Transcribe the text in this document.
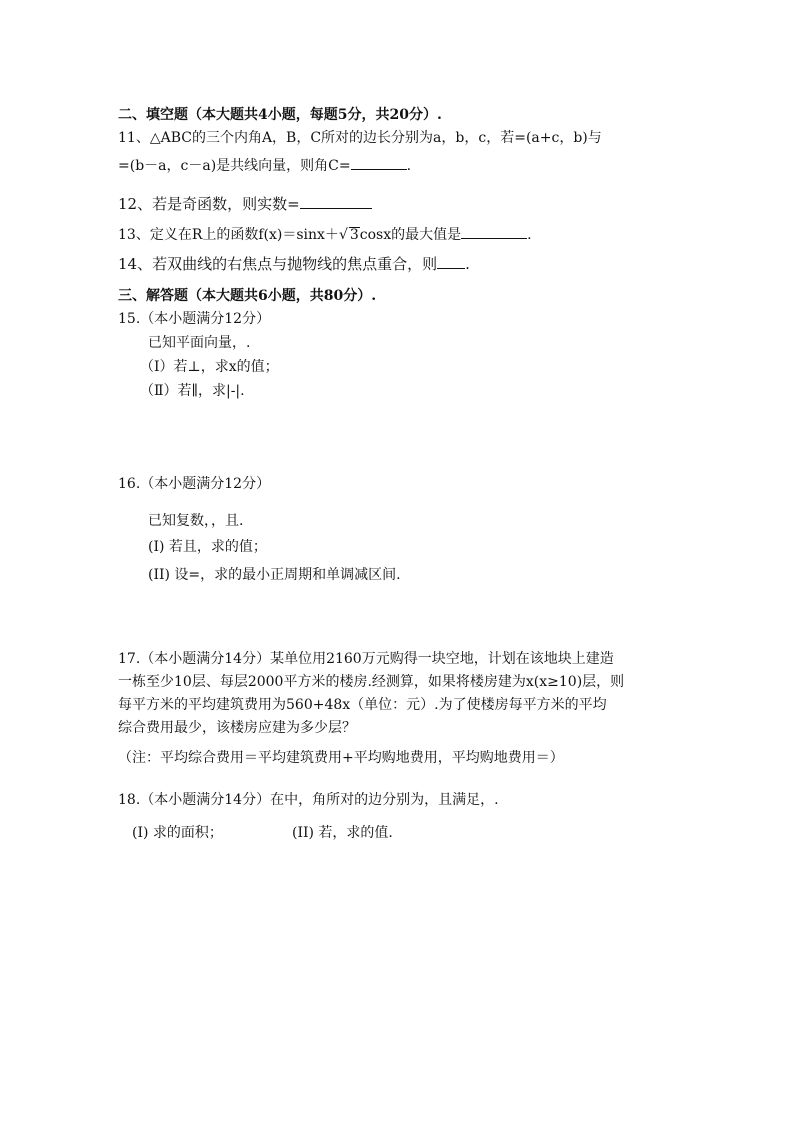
二、填空题（本大题共4小题，每题5分，共20分）.
11、△ABC的三个内角A，B，C所对的边长分别为a，b，c，若=(a+c，b)与
=(b－a，c－a)是共线向量，则角C=	.
12、若是奇函数，则实数=
13、定义在R上的函数f(x)＝sinx＋√ 3cosx的最大值是	.
14、若双曲线的右焦点与抛物线的焦点重合，则 .
三、解答题（本大题共6小题，共80分）.
15.（本小题满分12分）
已知平面向量，.
（Ⅰ）若⊥，求x的值；
（Ⅱ）若∥，求|-|.
16.（本小题满分12分）
已知复数，，且.
(I) 若且，求的值；
(II) 设=，求的最小正周期和单调减区间.
17.（本小题满分14分）某单位用2160万元购得一块空地，计划在该地块上建造
一栋至少10层、每层2000平方米的楼房.经测算，如果将楼房建为x(x≥10)层，则
每平方米的平均建筑费用为560+48x（单位：元）.为了使楼房每平方米的平均
综合费用最少，该楼房应建为多少层？
（注：平均综合费用＝平均建筑费用+平均购地费用，平均购地费用＝）
18.（本小题满分14分）在中，角所对的边分别为，且满足，.
(I) 求的面积；	(II) 若，求的值.
